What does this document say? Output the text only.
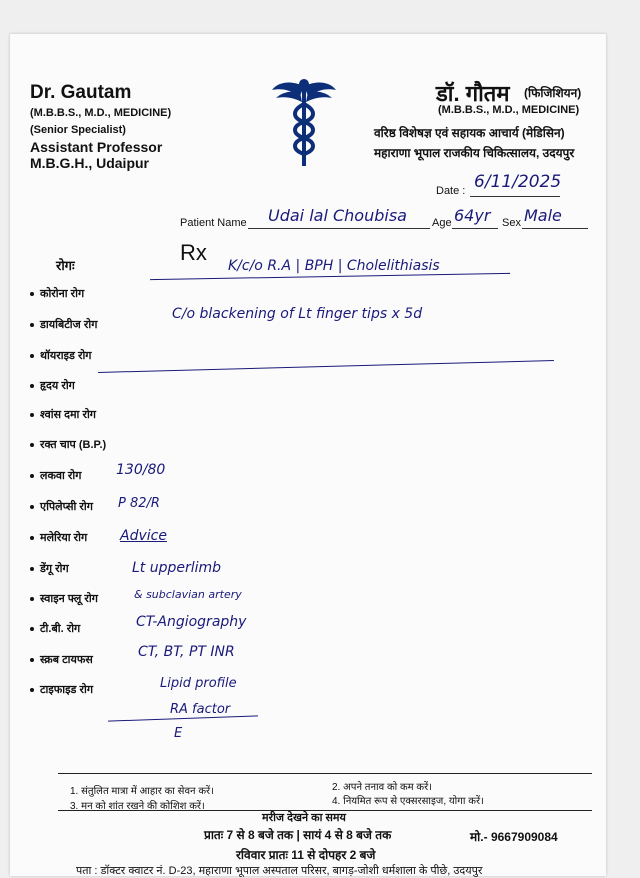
Dr. Gautam
(M.B.B.S., M.D., MEDICINE)
(Senior Specialist)
Assistant Professor
M.B.G.H., Udaipur
डॉ. गौतम (फिजिशियन)
(M.B.B.S., M.D., MEDICINE)
वरिष्ठ विशेषज्ञ एवं सहायक आचार्य (मेडिसिन)
महाराणा भूपाल राजकीय चिकित्सालय, उदयपुर
Date : 6/11/2025
Patient Name Udai lal Choubisa Age 64yr Sex Male
Rx
रोगः
कोरोना रोग
डायबिटीज रोग
थॉयराइड रोग
हृदय रोग
श्वांस दमा रोग
रक्त चाप (B.P.)
लकवा रोग
एपिलेप्सी रोग
मलेरिया रोग
डेंगू रोग
स्वाइन फ्लू रोग
टी.बी. रोग
स्क्रब टायफस
टाइफाइड रोग
K/c/o R.A | BPH | Cholelithiasis
C/o blackening of Lt finger tips x 5d
130/80
P 82/R
Advice
Lt upperlimb
& subclavian artery
CT-Angiography
CT, BT, PT INR
Lipid profile
RA factor
E
1. संतुलित मात्रा में आहार का सेवन करें।	2. अपने तनाव को कम करें।
3. मन को शांत रखने की कोशिश करें।	4. नियमित रूप से एक्सरसाइज, योगा करें।
मरीज देखने का समय
प्रातः 7 से 8 बजे तक | सायं 4 से 8 बजे तक	मो.- 9667909084
रविवार प्रातः 11 से दोपहर 2 बजे
पता : डॉक्टर क्वाटर नं. D-23, महाराणा भूपाल अस्पताल परिसर, बागड़-जोशी धर्मशाला के पीछे, उदयपुर
